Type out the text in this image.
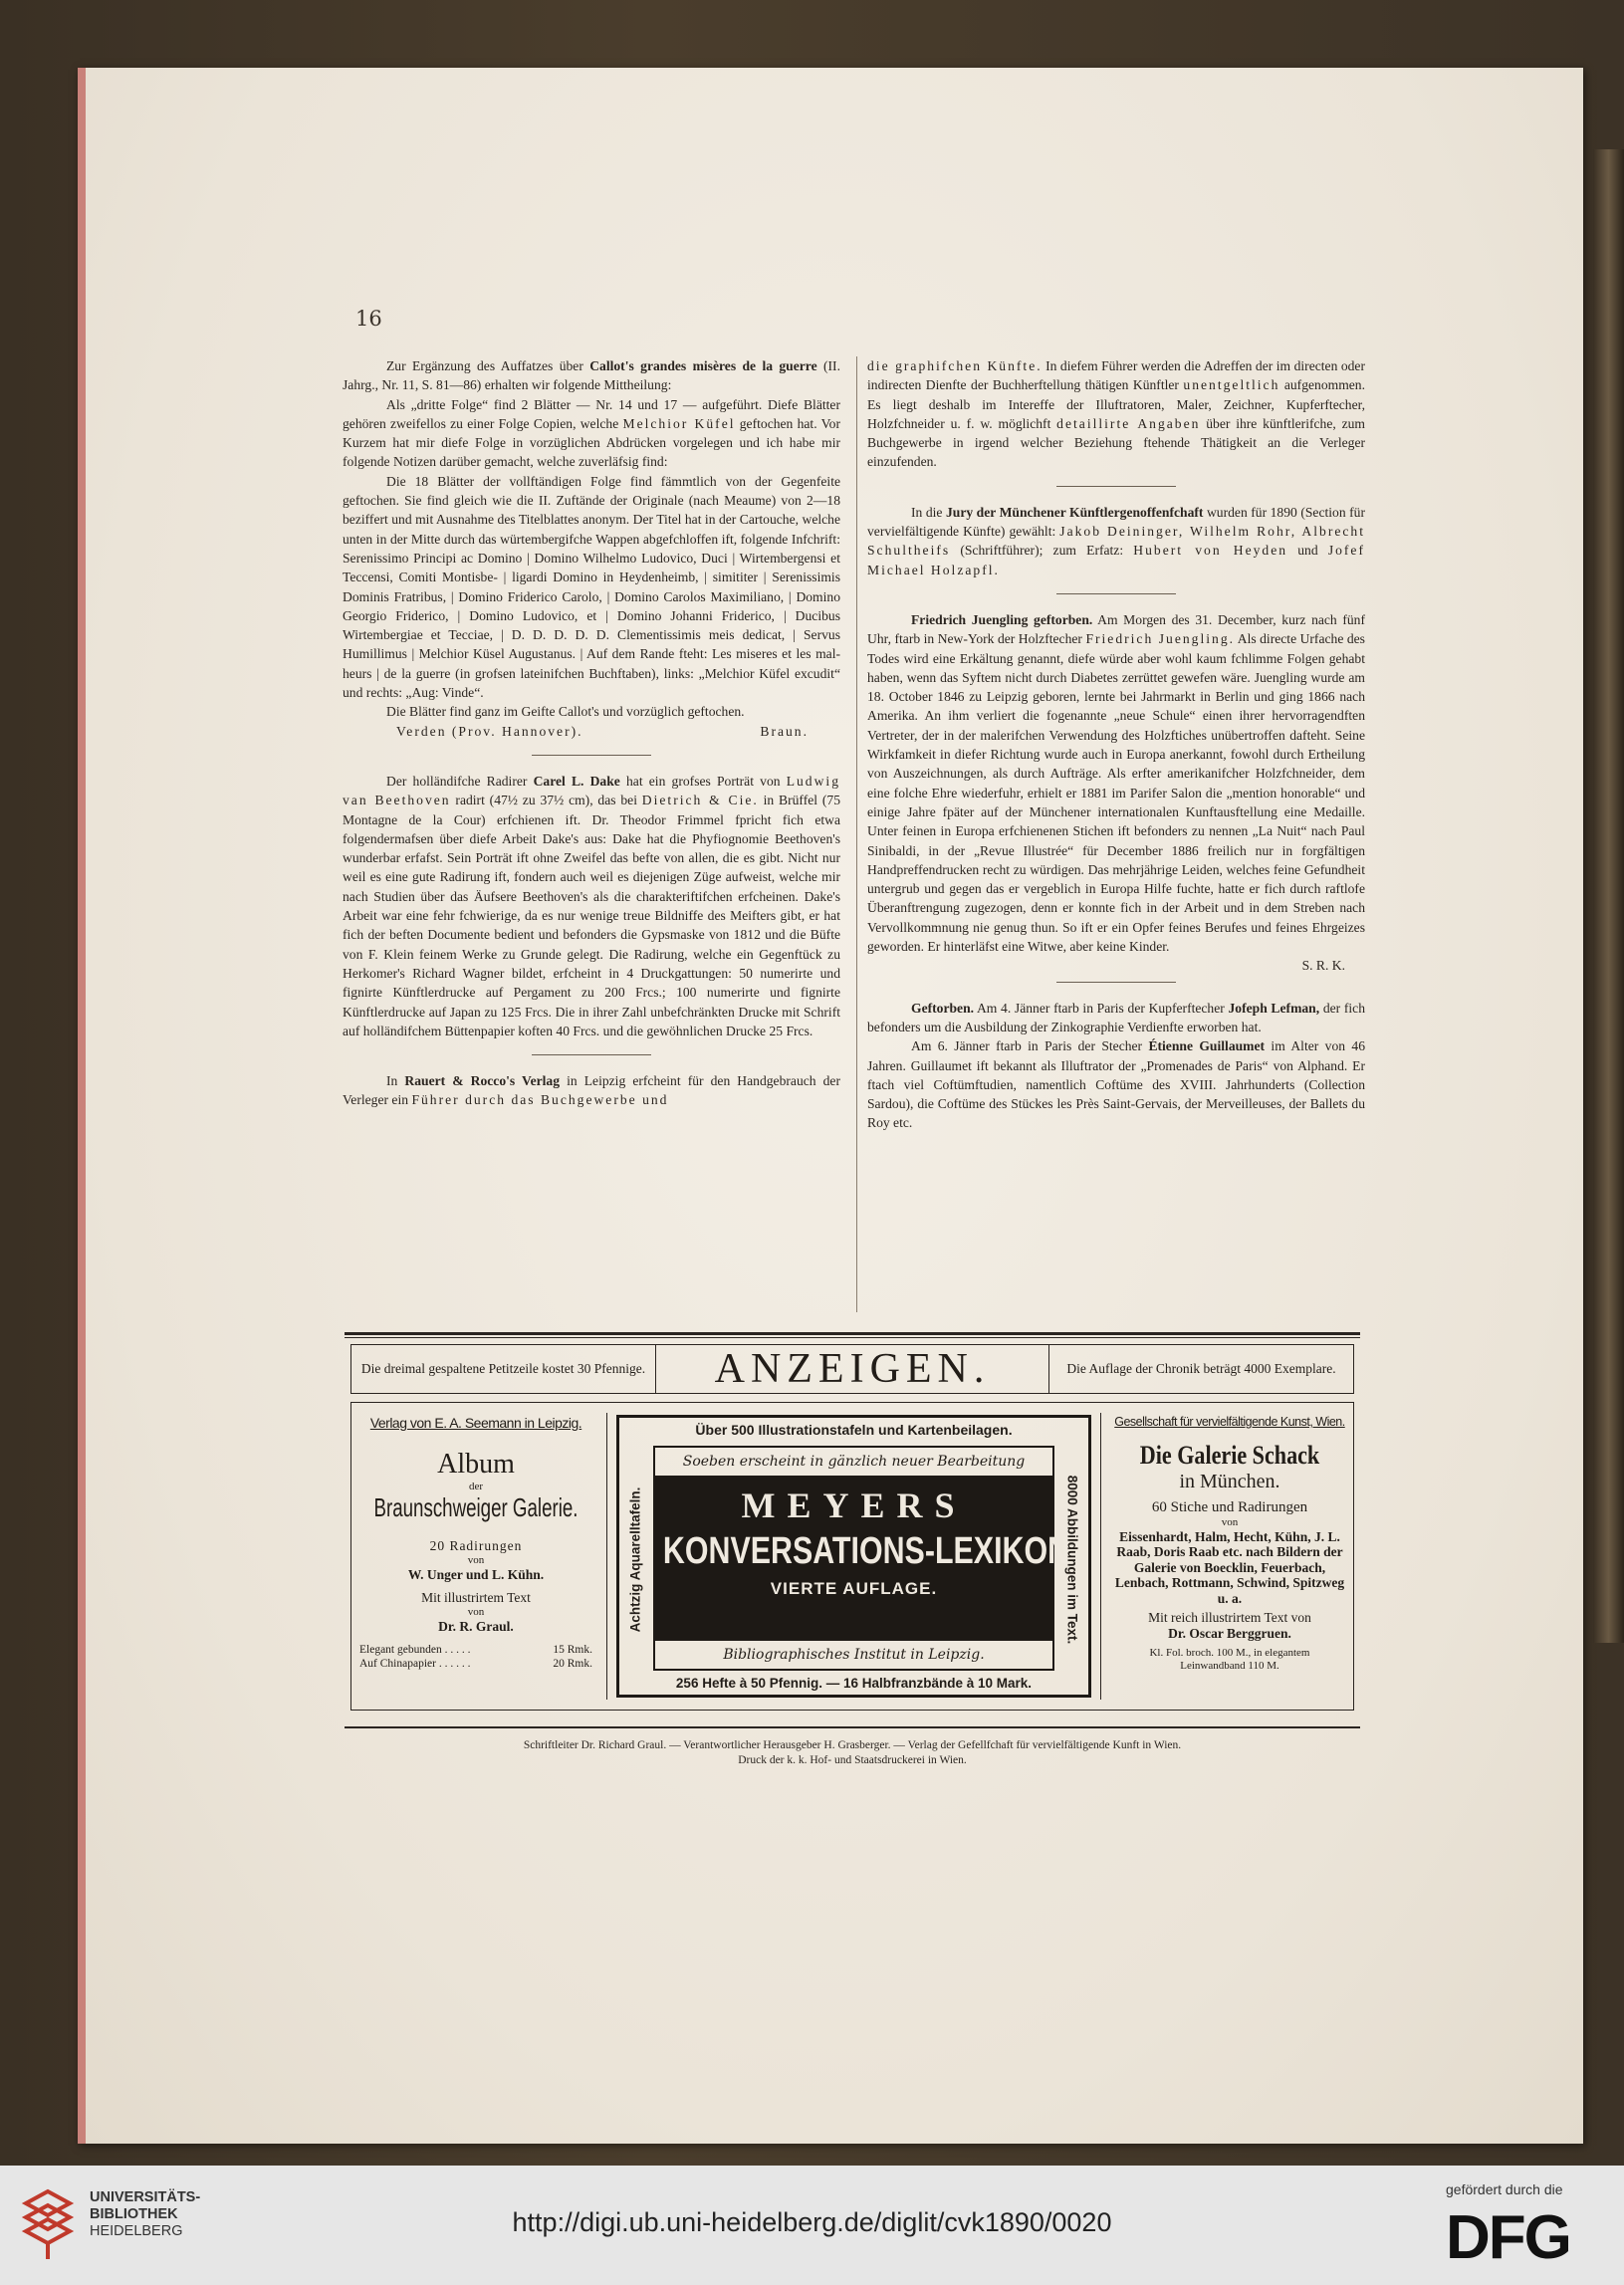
16

Zur Ergänzung des Auffatzes über Callot's grandes misères de la guerre (II. Jahrg., Nr. 11, S. 81—86) erhalten wir folgende Mittheilung:

Als „dritte Folge“ find 2 Blätter — Nr. 14 und 17 — aufgeführt. Diefe Blätter gehören zweifellos zu einer Folge Copien, welche Melchior Küfel geftochen hat. Vor Kurzem hat mir diefe Folge in vorzüglichen Abdrücken vorgelegen und ich habe mir folgende Notizen darüber gemacht, welche zuverläfsig find:

Die 18 Blätter der vollftändigen Folge find fämmtlich von der Gegenfeite geftochen. Sie find gleich wie die II. Zuftände der Originale (nach Meaume) von 2—18 beziffert und mit Ausnahme des Titelblattes anonym. Der Titel hat in der Cartouche, welche unten in der Mitte durch das würtembergifche Wappen abgefchloffen ift, folgende Infchrift: Serenissimo Principi ac Domino | Domino Wilhelmo Ludovico, Duci | Wirtembergensi et Teccensi, Comiti Montisbe- | ligardi Domino in Heydenheimb, | simititer | Serenissimis Dominis Fratribus, | Domino Friderico Carolo, | Domino Carolos Maximiliano, | Domino Georgio Friderico, | Domino Ludovico, et | Domino Johanni Friderico, | Ducibus Wirtembergiae et Tecciae, | D. D. D. D. D. Clementissimis meis dedicat, | Servus Humillimus | Melchior Küsel Augustanus. | Auf dem Rande fteht: Les miseres et les mal-heurs | de la guerre (in grofsen lateinifchen Buchftaben), links: „Melchior Küfel excudit“ und rechts: „Aug: Vinde“.

Die Blätter find ganz im Geifte Callot's und vorzüglich geftochen.

Verden (Prov. Hannover).	Braun.

Der holländifche Radirer Carel L. Dake hat ein grofses Porträt von Ludwig van Beethoven radirt (47½ zu 37½ cm), das bei Dietrich & Cie. in Brüffel (75 Montagne de la Cour) erfchienen ift. Dr. Theodor Frimmel fpricht fich etwa folgendermafsen über diefe Arbeit Dake's aus: Dake hat die Phyfiognomie Beethoven's wunderbar erfafst. Sein Porträt ift ohne Zweifel das befte von allen, die es gibt. Nicht nur weil es eine gute Radirung ift, fondern auch weil es diejenigen Züge aufweist, welche mir nach Studien über das Äufsere Beethoven's als die charakteriftifchen erfcheinen. Dake's Arbeit war eine fehr fchwierige, da es nur wenige treue Bildniffe des Meifters gibt, er hat fich der beften Documente bedient und befonders die Gypsmaske von 1812 und die Büfte von F. Klein feinem Werke zu Grunde gelegt. Die Radirung, welche ein Gegenftück zu Herkomer's Richard Wagner bildet, erfcheint in 4 Druckgattungen: 50 numerirte und fignirte Künftlerdrucke auf Pergament zu 200 Frcs.; 100 numerirte und fignirte Künftlerdrucke auf Japan zu 125 Frcs. Die in ihrer Zahl unbefchränkten Drucke mit Schrift auf holländifchem Büttenpapier koften 40 Frcs. und die gewöhnlichen Drucke 25 Frcs.

In Rauert & Rocco's Verlag in Leipzig erfcheint für den Handgebrauch der Verleger ein Führer durch das Buchgewerbe und

die graphifchen Künfte. In diefem Führer werden die Adreffen der im directen oder indirecten Dienfte der Buchherftellung thätigen Künftler unentgeltlich aufgenommen. Es liegt deshalb im Intereffe der Illuftratoren, Maler, Zeichner, Kupferftecher, Holzfchneider u. f. w. möglichft detaillirte Angaben über ihre künftlerifche, zum Buchgewerbe in irgend welcher Beziehung ftehende Thätigkeit an die Verleger einzufenden.

In die Jury der Münchener Künftlergenoffenfchaft wurden für 1890 (Section für vervielfältigende Künfte) gewählt: Jakob Deininger, Wilhelm Rohr, Albrecht Schultheifs (Schriftführer); zum Erfatz: Hubert von Heyden und Jofef Michael Holzapfl.

Friedrich Juengling geftorben. Am Morgen des 31. December, kurz nach fünf Uhr, ftarb in New-York der Holzftecher Friedrich Juengling. Als directe Urfache des Todes wird eine Erkältung genannt, diefe würde aber wohl kaum fchlimme Folgen gehabt haben, wenn das Syftem nicht durch Diabetes zerrüttet gewefen wäre. Juengling wurde am 18. October 1846 zu Leipzig geboren, lernte bei Jahrmarkt in Berlin und ging 1866 nach Amerika. An ihm verliert die fogenannte „neue Schule“ einen ihrer hervorragendften Vertreter, der in der malerifchen Verwendung des Holzftiches unübertroffen dafteht. Seine Wirkfamkeit in diefer Richtung wurde auch in Europa anerkannt, fowohl durch Ertheilung von Auszeichnungen, als durch Aufträge. Als erfter amerikanifcher Holzfchneider, dem eine folche Ehre wiederfuhr, erhielt er 1881 im Parifer Salon die „mention honorable“ und einige Jahre fpäter auf der Münchener internationalen Kunftausftellung eine Medaille. Unter feinen in Europa erfchienenen Stichen ift befonders zu nennen „La Nuit“ nach Paul Sinibaldi, in der „Revue Illustrée“ für December 1886 freilich nur in forgfältigen Handpreffendrucken recht zu würdigen. Das mehrjährige Leiden, welches feine Gefundheit untergrub und gegen das er vergeblich in Europa Hilfe fuchte, hatte er fich durch raftlofe Überanftrengung zugezogen, denn er konnte fich in der Arbeit und in dem Streben nach Vervollkommnung nie genug thun. So ift er ein Opfer feines Berufes und feines Ehrgeizes geworden. Er hinterläfst eine Witwe, aber keine Kinder.

S. R. K.

Geftorben. Am 4. Jänner ftarb in Paris der Kupferftecher Jofeph Lefman, der fich befonders um die Ausbildung der Zinkographie Verdienfte erworben hat.

Am 6. Jänner ftarb in Paris der Stecher Étienne Guillaumet im Alter von 46 Jahren. Guillaumet ift bekannt als Illuftrator der „Promenades de Paris“ von Alphand. Er ftach viel Coftümftudien, namentlich Coftüme des XVIII. Jahrhunderts (Collection Sardou), die Coftüme des Stückes les Près Saint-Gervais, der Merveilleuses, der Ballets du Roy etc.

Die dreimal gespaltene Petitzeile kostet 30 Pfennige.	ANZEIGEN.	Die Auflage der Chronik beträgt 4000 Exemplare.
Verlag von E. A. Seemann in Leipzig.
Album
der
Braunschweiger Galerie.
20 Radirungen
von
W. Unger und L. Kühn.
Mit illustrirtem Text
von
Dr. R. Graul.
Elegant gebunden . . . . .	15 Rmk.
Auf Chinapapier . . . . . .	20 Rmk.
Über 500 Illustrationstafeln und Kartenbeilagen.
Achtzig Aquarelltafeln.	8000 Abbildungen im Text.
Soeben erscheint in gänzlich neuer Bearbeitung
MEYERS
KONVERSATIONS-LEXIKON
VIERTE AUFLAGE.
Bibliographisches Institut in Leipzig.
256 Hefte à 50 Pfennig. — 16 Halbfranzbände à 10 Mark.
Gesellschaft für vervielfältigende Kunst, Wien.
Die Galerie Schack
in München.
60 Stiche und Radirungen
von
Eissenhardt, Halm, Hecht, Kühn, J. L. Raab, Doris Raab etc. nach Bildern der Galerie von Boecklin, Feuerbach, Lenbach, Rottmann, Schwind, Spitzweg u. a.
Mit reich illustrirtem Text von
Dr. Oscar Berggruen.
Kl. Fol. broch. 100 M., in elegantem Leinwandband 110 M.
Schriftleiter Dr. Richard Graul. — Verantwortlicher Herausgeber H. Grasberger. — Verlag der Gefellfchaft für vervielfältigende Kunft in Wien.
Druck der k. k. Hof- und Staatsdruckerei in Wien.
UNIVERSITÄTS-
BIBLIOTHEK
HEIDELBERG	http://digi.ub.uni-heidelberg.de/diglit/cvk1890/0020
gefördert durch die
DFG
